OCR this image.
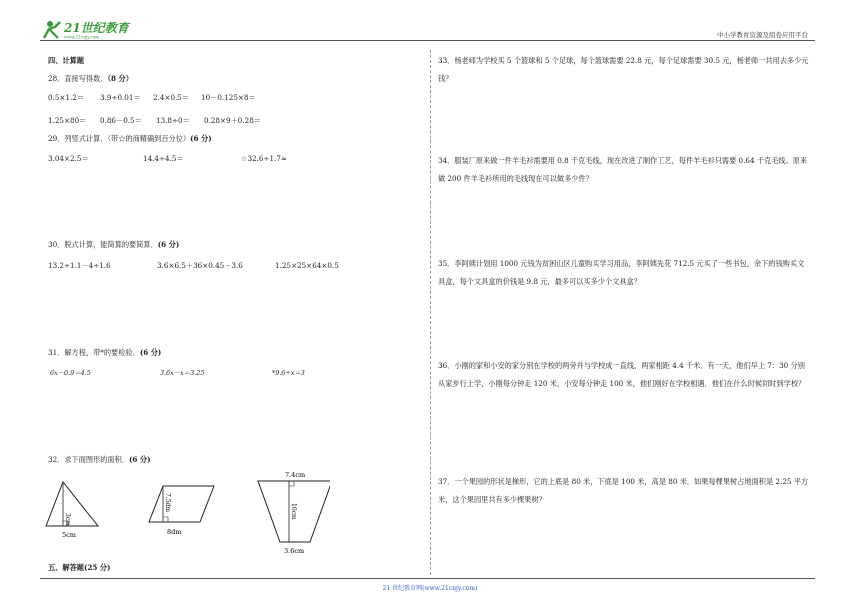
21世纪教育
www.21cnjy.com	中小学教育资源及组卷应用平台
四、计算题
28．直接写得数．（8 分）
0.5×1.2＝ 3.9÷0.01＝ 2.4×0.5＝ 10－0.125×8＝
1.25×80＝ 0.86－0.5＝ 13.8÷0＝ 0.28×9＋0.28＝
29．列竖式计算．（带☆的商精确到百分位）(6 分)
3.04×2.5＝	14.4÷4.5＝	☆32.6÷1.7≈
30．脱式计算，能简算的要简算．(6 分)
13.2÷1.1－4÷1.6	3.6×6.5＋36×0.45－3.6	1.25×25×64×0.5
31．解方程，带*的要检验．(6 分)
6x－0.9＝4.5	3.6x－x＝3.25	*9.6÷x＝3
32．求下面图形的面积．(6 分)
3cm
5cm
7.5dm
8dm
7.4cm
10cm
3.6cm
五、解答题(25 分)
33．杨老师为学校买 5 个篮球和 5 个足球，每个篮球需要 22.8 元，每个足球需要 30.5 元，杨老师一共用去多少元钱？
34．服装厂原来做一件羊毛衫需要用 0.8 千克毛线，现在改进了制作工艺，每件羊毛衫只需要 0.64 千克毛线。原来做 200 件羊毛衫所用的毛线现在可以做多少件？
35．李阿姨计划用 1000 元钱为贫困山区儿童购买学习用品，李阿姨先花 712.5 元买了一些书包，余下的钱购买文具盒，每个文具盒的价钱是 9.8 元，最多可以买多少个文具盒？
36．小刚的家和小安的家分别在学校的两旁并与学校成一直线，两家相距 4.4 千米．有一天，他们早上 7：30 分别从家步行上学，小刚每分钟走 120 米，小安每分钟走 100 米，他们刚好在学校相遇．他们在什么时候同时到学校？
37．一个果园的形状是梯形，它的上底是 80 米，下底是 100 米，高是 80 米．如果每棵果树占地面积是 2.25 平方米，这个果园里共有多少棵果树？
21 世纪教育网(www.21cnjy.com)
